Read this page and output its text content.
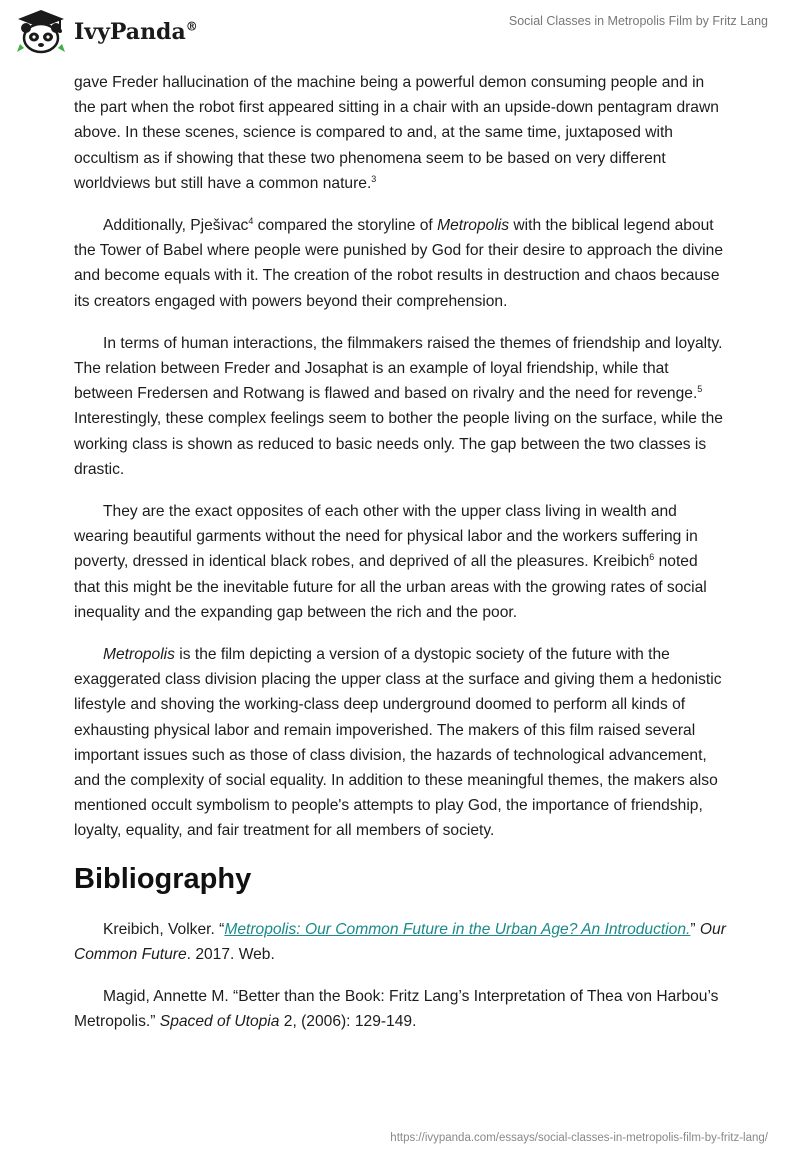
IvyPanda®	Social Classes in Metropolis Film by Fritz Lang

gave Freder hallucination of the machine being a powerful demon consuming people and in the part when the robot first appeared sitting in a chair with an upside-down pentagram drawn above. In these scenes, science is compared to and, at the same time, juxtaposed with occultism as if showing that these two phenomena seem to be based on very different worldviews but still have a common nature.$^3$

Additionally, Pješivac$^4$ compared the storyline of Metropolis with the biblical legend about the Tower of Babel where people were punished by God for their desire to approach the divine and become equals with it. The creation of the robot results in destruction and chaos because its creators engaged with powers beyond their comprehension.

In terms of human interactions, the filmmakers raised the themes of friendship and loyalty. The relation between Freder and Josaphat is an example of loyal friendship, while that between Fredersen and Rotwang is flawed and based on rivalry and the need for revenge.$^5$ Interestingly, these complex feelings seem to bother the people living on the surface, while the working class is shown as reduced to basic needs only. The gap between the two classes is drastic.

They are the exact opposites of each other with the upper class living in wealth and wearing beautiful garments without the need for physical labor and the workers suffering in poverty, dressed in identical black robes, and deprived of all the pleasures. Kreibich$^6$ noted that this might be the inevitable future for all the urban areas with the growing rates of social inequality and the expanding gap between the rich and the poor.

Metropolis is the film depicting a version of a dystopic society of the future with the exaggerated class division placing the upper class at the surface and giving them a hedonistic lifestyle and shoving the working-class deep underground doomed to perform all kinds of exhausting physical labor and remain impoverished. The makers of this film raised several important issues such as those of class division, the hazards of technological advancement, and the complexity of social equality. In addition to these meaningful themes, the makers also mentioned occult symbolism to people's attempts to play God, the importance of friendship, loyalty, equality, and fair treatment for all members of society.

Bibliography

Kreibich, Volker. “Metropolis: Our Common Future in the Urban Age? An Introduction.” Our Common Future. 2017. Web.

Magid, Annette M. “Better than the Book: Fritz Lang’s Interpretation of Thea von Harbou’s Metropolis.” Spaced of Utopia 2, (2006): 129-149.

https://ivypanda.com/essays/social-classes-in-metropolis-film-by-fritz-lang/
